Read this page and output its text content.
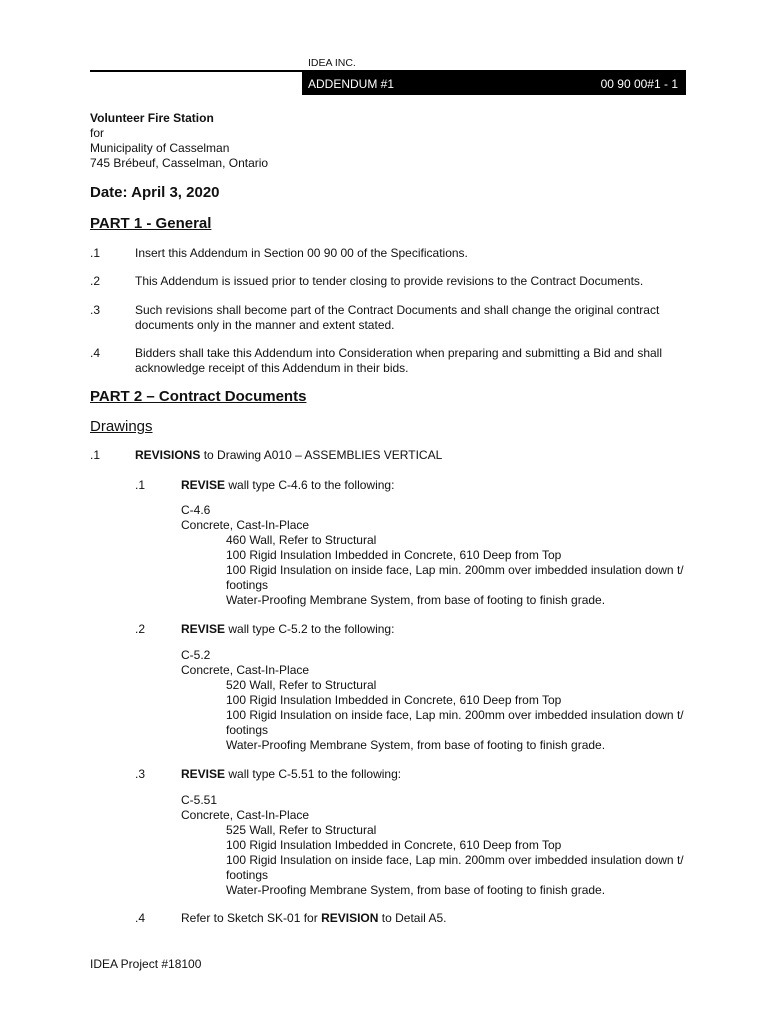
IDEA INC.
ADDENDUM #1	00 90 00#1 - 1
Volunteer Fire Station
for
Municipality of Casselman
745 Brébeuf, Casselman, Ontario
Date: April 3, 2020
PART 1 - General
.1	Insert this Addendum in Section 00 90 00 of the Specifications.
.2	This Addendum is issued prior to tender closing to provide revisions to the Contract Documents.
.3	Such revisions shall become part of the Contract Documents and shall change the original contract
documents only in the manner and extent stated.
.4	Bidders shall take this Addendum into Consideration when preparing and submitting a Bid and shall
acknowledge receipt of this Addendum in their bids.
PART 2 – Contract Documents
Drawings
.1	REVISIONS to Drawing A010 – ASSEMBLIES VERTICAL
.1	REVISE wall type C-4.6 to the following:
C-4.6
Concrete, Cast-In-Place
460 Wall, Refer to Structural
100 Rigid Insulation Imbedded in Concrete, 610 Deep from Top
100 Rigid Insulation on inside face, Lap min. 200mm over imbedded insulation down t/
footings
Water-Proofing Membrane System, from base of footing to finish grade.
.2	REVISE wall type C-5.2 to the following:
C-5.2
Concrete, Cast-In-Place
520 Wall, Refer to Structural
100 Rigid Insulation Imbedded in Concrete, 610 Deep from Top
100 Rigid Insulation on inside face, Lap min. 200mm over imbedded insulation down t/
footings
Water-Proofing Membrane System, from base of footing to finish grade.
.3	REVISE wall type C-5.51 to the following:
C-5.51
Concrete, Cast-In-Place
525 Wall, Refer to Structural
100 Rigid Insulation Imbedded in Concrete, 610 Deep from Top
100 Rigid Insulation on inside face, Lap min. 200mm over imbedded insulation down t/
footings
Water-Proofing Membrane System, from base of footing to finish grade.
.4	Refer to Sketch SK-01 for REVISION to Detail A5.
IDEA Project #18100
